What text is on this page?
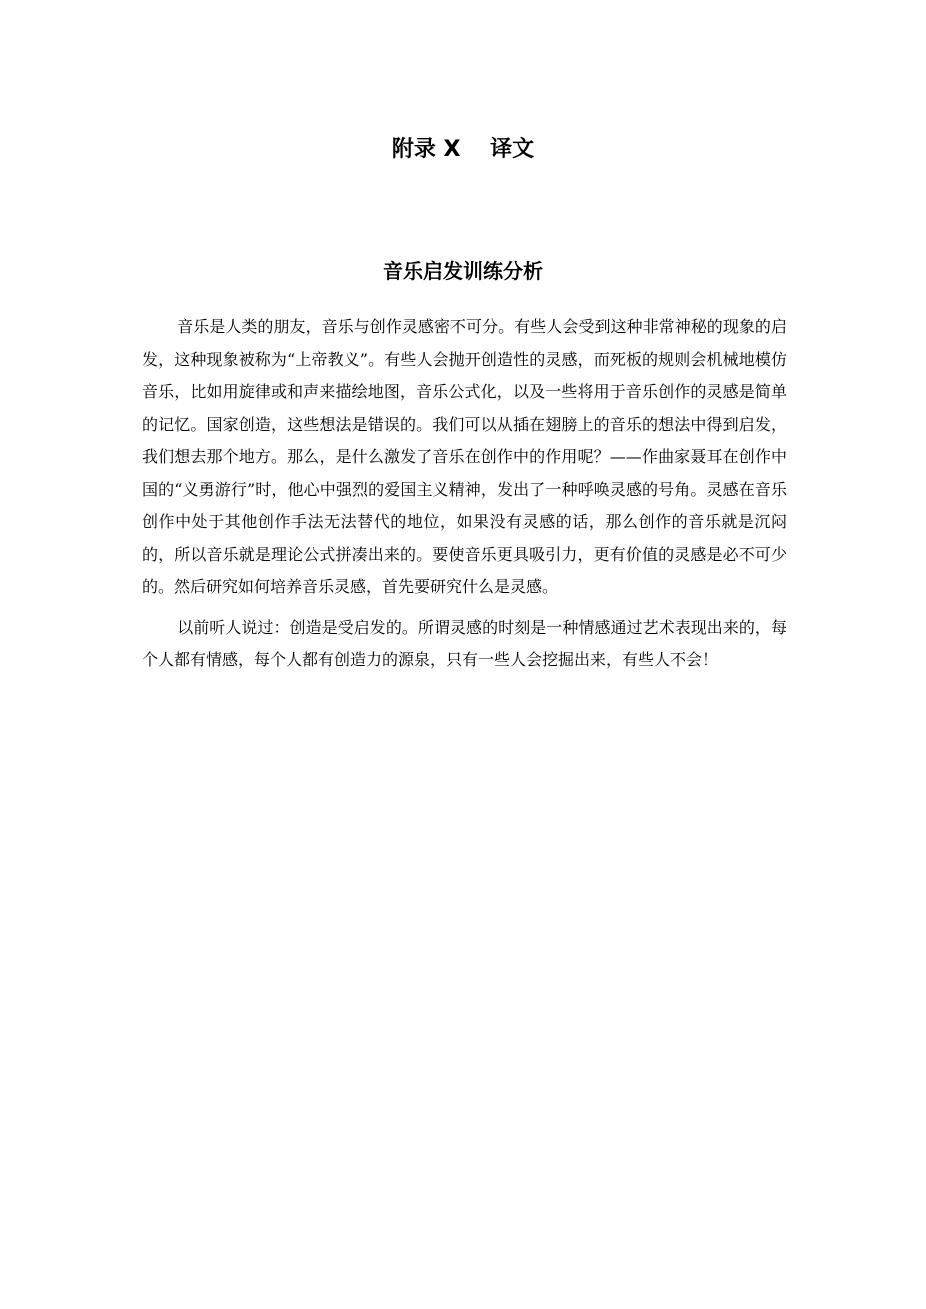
附录 X　 译文
音乐启发训练分析

音乐是人类的朋友，音乐与创作灵感密不可分。有些人会受到这种非常神秘的现象的启发，这种现象被称为“上帝教义”。有些人会抛开创造性的灵感，而死板的规则会机械地模仿音乐，比如用旋律或和声来描绘地图，音乐公式化，以及一些将用于音乐创作的灵感是简单的记忆。国家创造，这些想法是错误的。我们可以从插在翅膀上的音乐的想法中得到启发，我们想去那个地方。那么，是什么激发了音乐在创作中的作用呢？——作曲家聂耳在创作中国的“义勇游行”时，他心中强烈的爱国主义精神，发出了一种呼唤灵感的号角。灵感在音乐创作中处于其他创作手法无法替代的地位，如果没有灵感的话，那么创作的音乐就是沉闷的，所以音乐就是理论公式拼凑出来的。要使音乐更具吸引力，更有价值的灵感是必不可少的。然后研究如何培养音乐灵感，首先要研究什么是灵感。

以前听人说过：创造是受启发的。所谓灵感的时刻是一种情感通过艺术表现出来的，每个人都有情感，每个人都有创造力的源泉，只有一些人会挖掘出来，有些人不会！
